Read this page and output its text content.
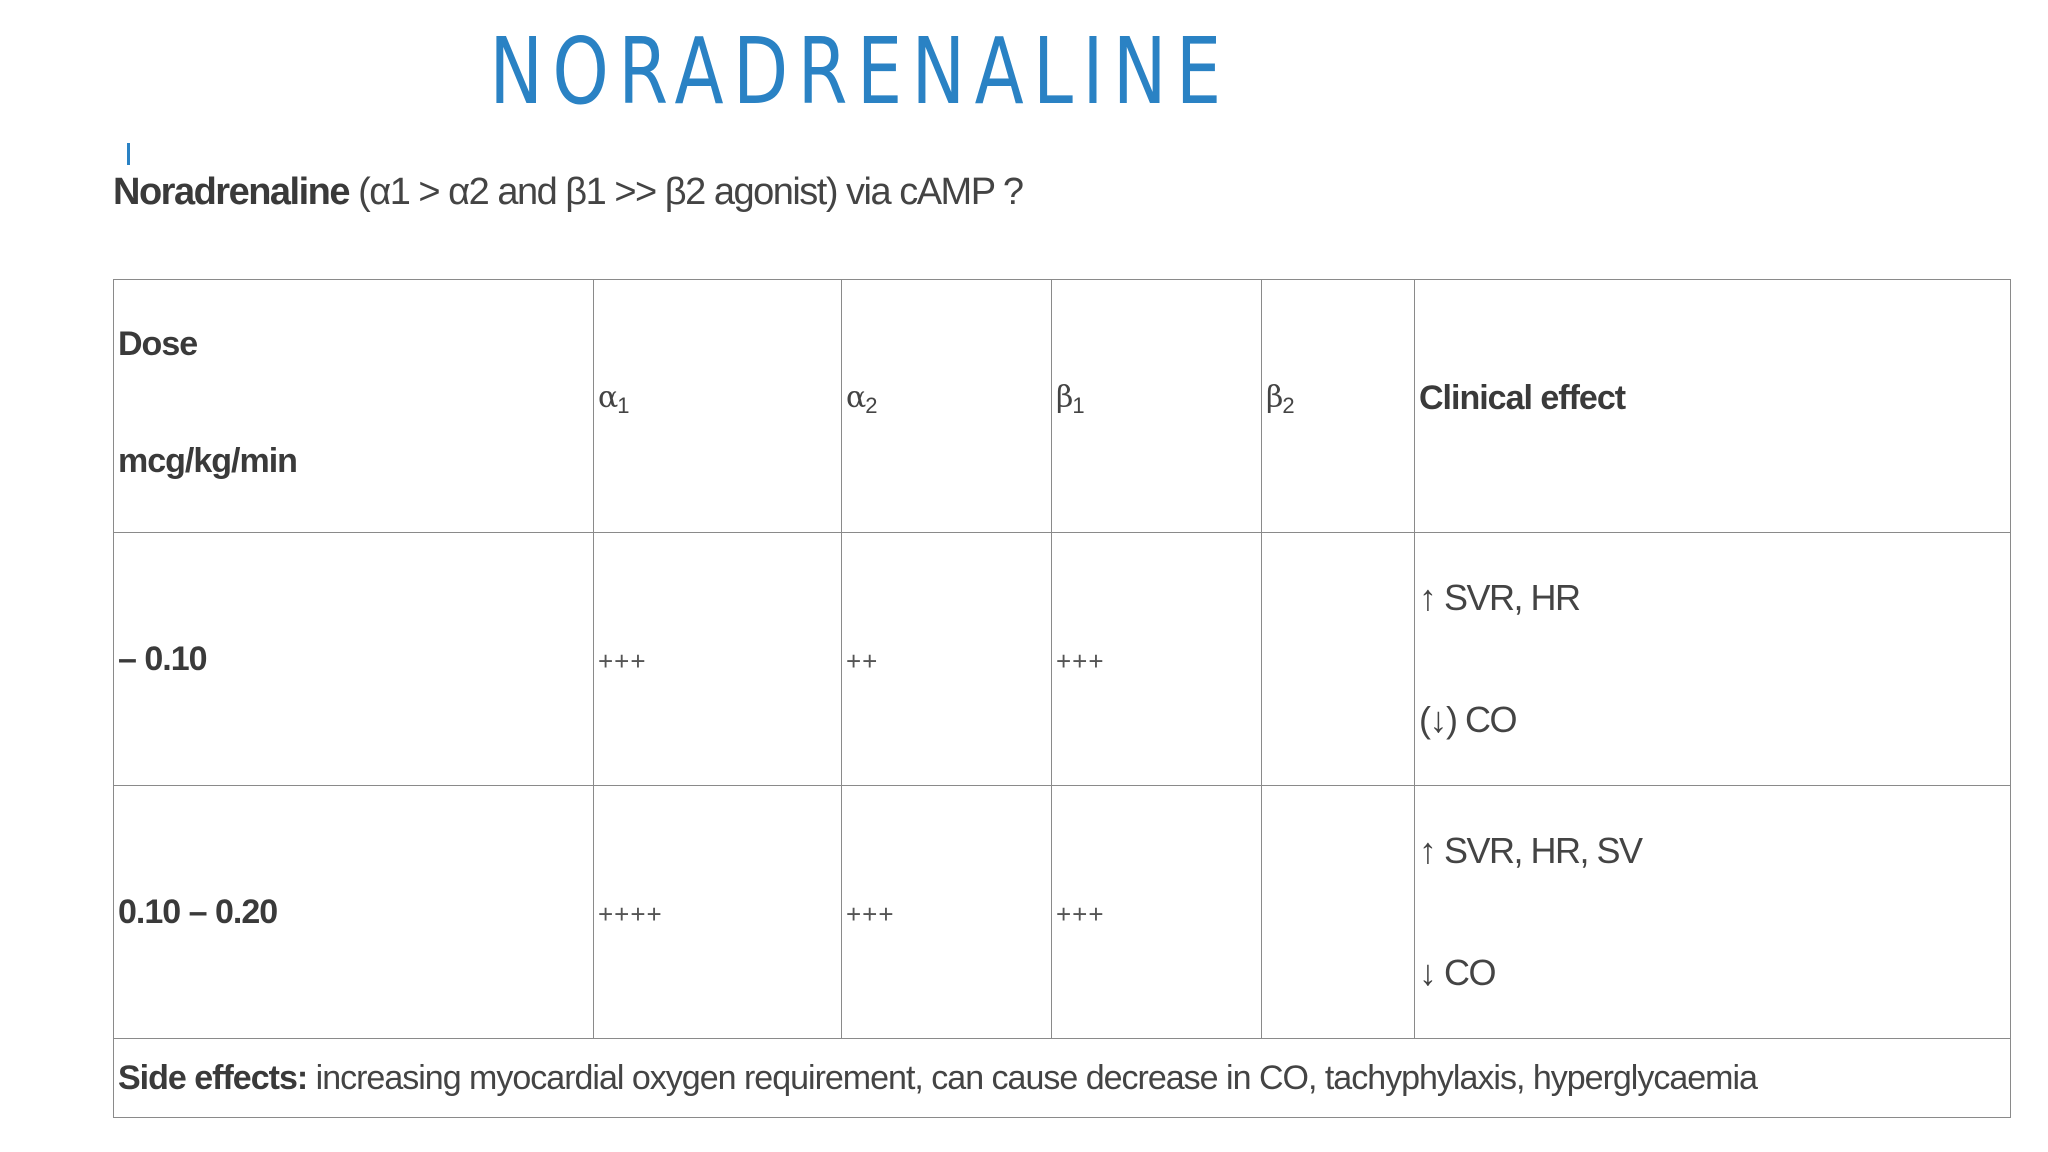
NORADRENALINE
Noradrenaline (α1 > α2 and β1 >> β2 agonist) via cAMP ?
Dose
mcg/kg/min	$\alpha_1$	$\alpha_2$	$\beta_1$	$\beta_2$	Clinical effect
– 0.10	+++	++	+++		↑ SVR, HR
(↓) CO

0.10 – 0.20	++++	+++	+++		↑ SVR, HR, SV
↓ CO

Side effects: increasing myocardial oxygen requirement, can cause decrease in CO, tachyphylaxis, hyperglycaemia					
